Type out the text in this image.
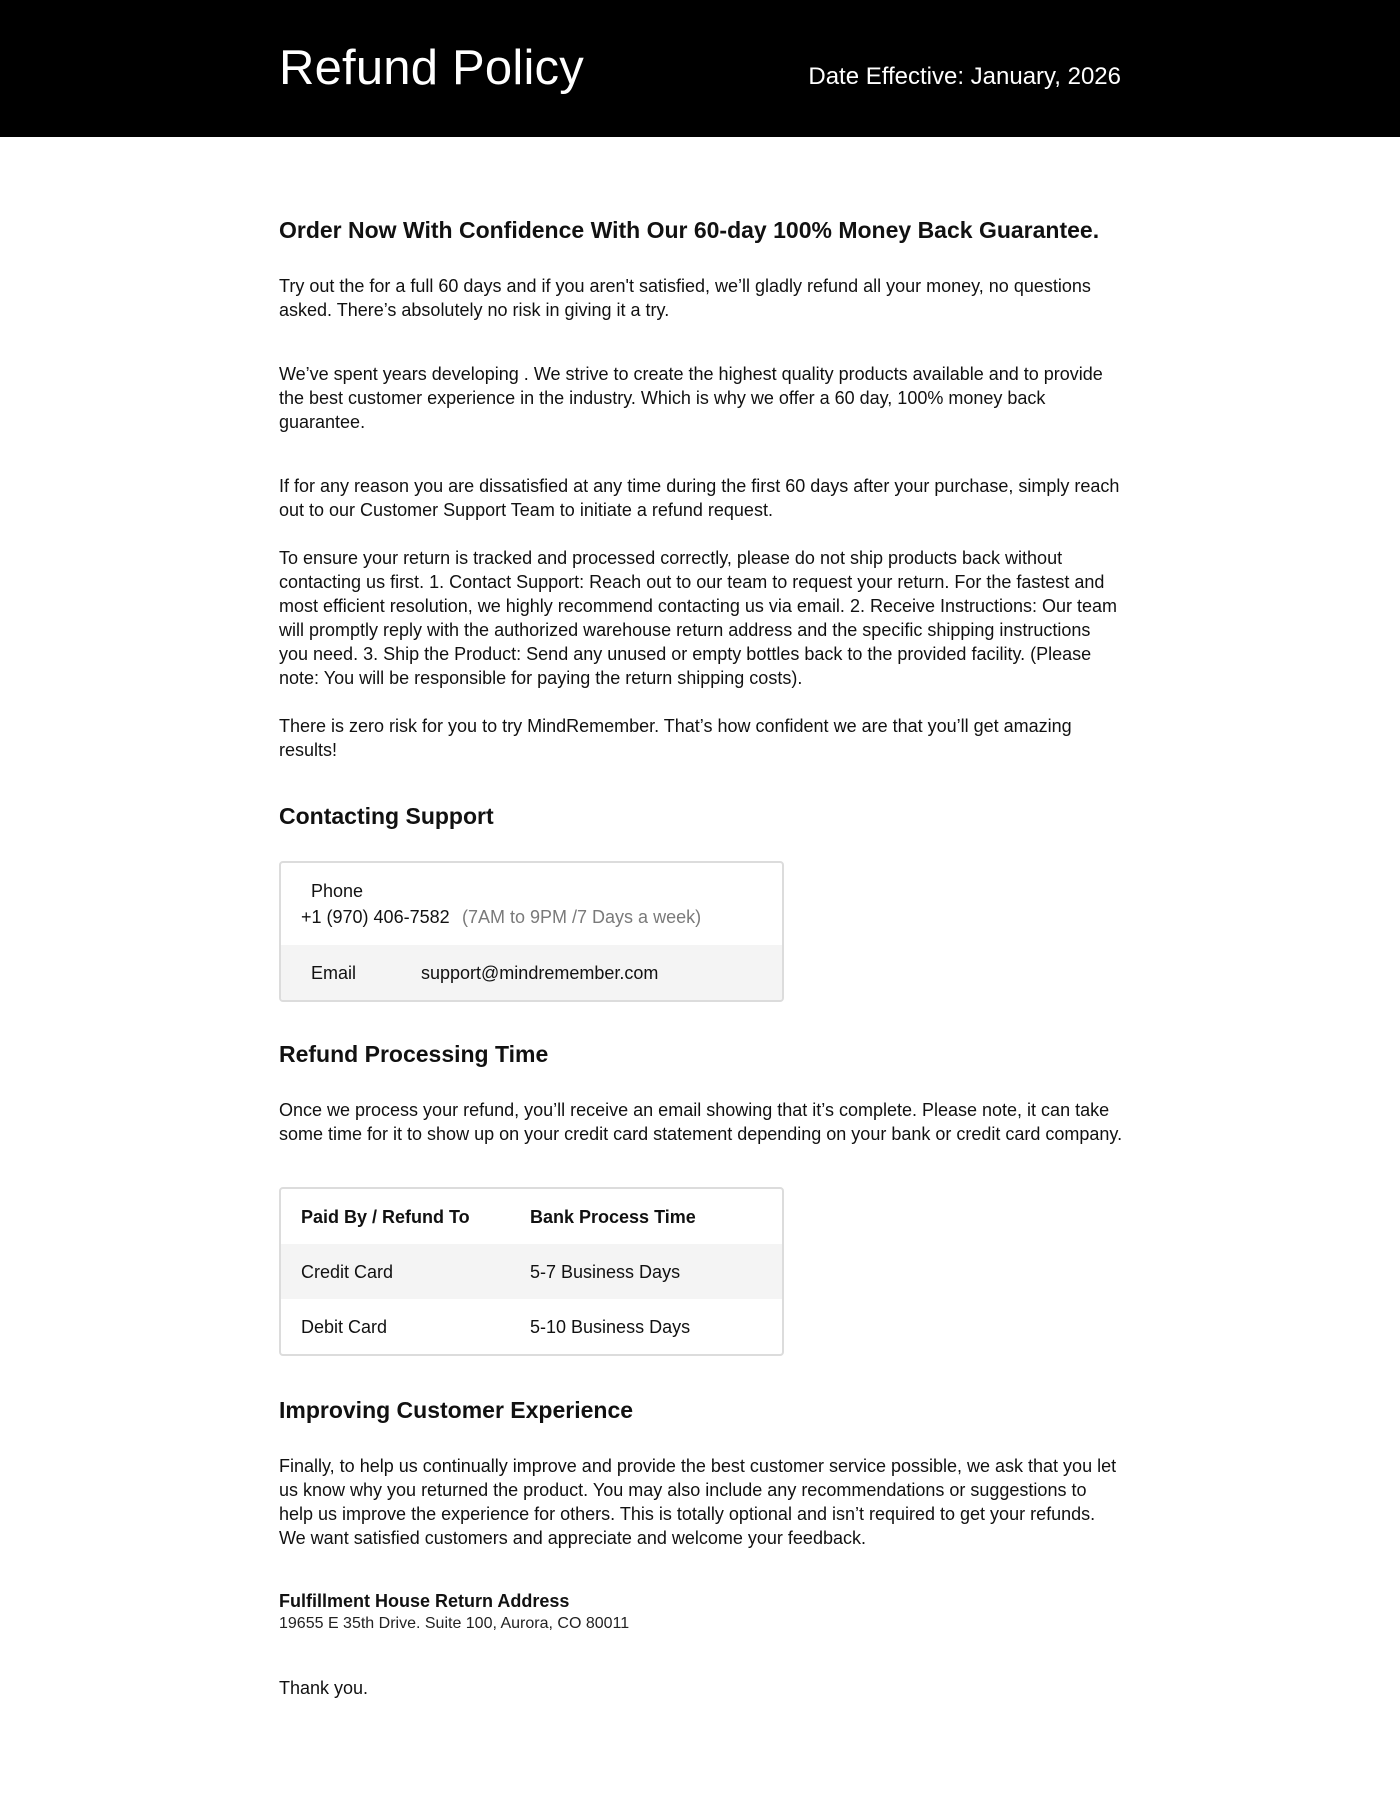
Refund Policy	Date Effective: January, 2026
Order Now With Confidence With Our 60-day 100% Money Back Guarantee.

Try out the for a full 60 days and if you aren't satisfied, we’ll gladly refund all your money, no questions asked. There’s absolutely no risk in giving it a try.

We’ve spent years developing . We strive to create the highest quality products available and to provide the best customer experience in the industry. Which is why we offer a 60 day, 100% money back guarantee.

If for any reason you are dissatisfied at any time during the first 60 days after your purchase, simply reach out to our Customer Support Team to initiate a refund request.

To ensure your return is tracked and processed correctly, please do not ship products back without contacting us first. 1. Contact Support: Reach out to our team to request your return. For the fastest and most efficient resolution, we highly recommend contacting us via email. 2. Receive Instructions: Our team will promptly reply with the authorized warehouse return address and the specific shipping instructions you need. 3. Ship the Product: Send any unused or empty bottles back to the provided facility. (Please note: You will be responsible for paying the return shipping costs).

There is zero risk for you to try MindRemember. That’s how confident we are that you’ll get amazing results!

Contacting Support
Phone
+1 (970) 406-7582 (7AM to 9PM /7 Days a week)
Email	support@mindremember.com
Refund Processing Time

Once we process your refund, you’ll receive an email showing that it’s complete. Please note, it can take some time for it to show up on your credit card statement depending on your bank or credit card company.

Paid By / Refund To	Bank Process Time
Credit Card	5-7 Business Days
Debit Card	5-10 Business Days
Improving Customer Experience

Finally, to help us continually improve and provide the best customer service possible, we ask that you let us know why you returned the product. You may also include any recommendations or suggestions to help us improve the experience for others. This is totally optional and isn’t required to get your refunds. We want satisfied customers and appreciate and welcome your feedback.

Fulfillment House Return Address
19655 E 35th Drive. Suite 100, Aurora, CO 80011

Thank you.
